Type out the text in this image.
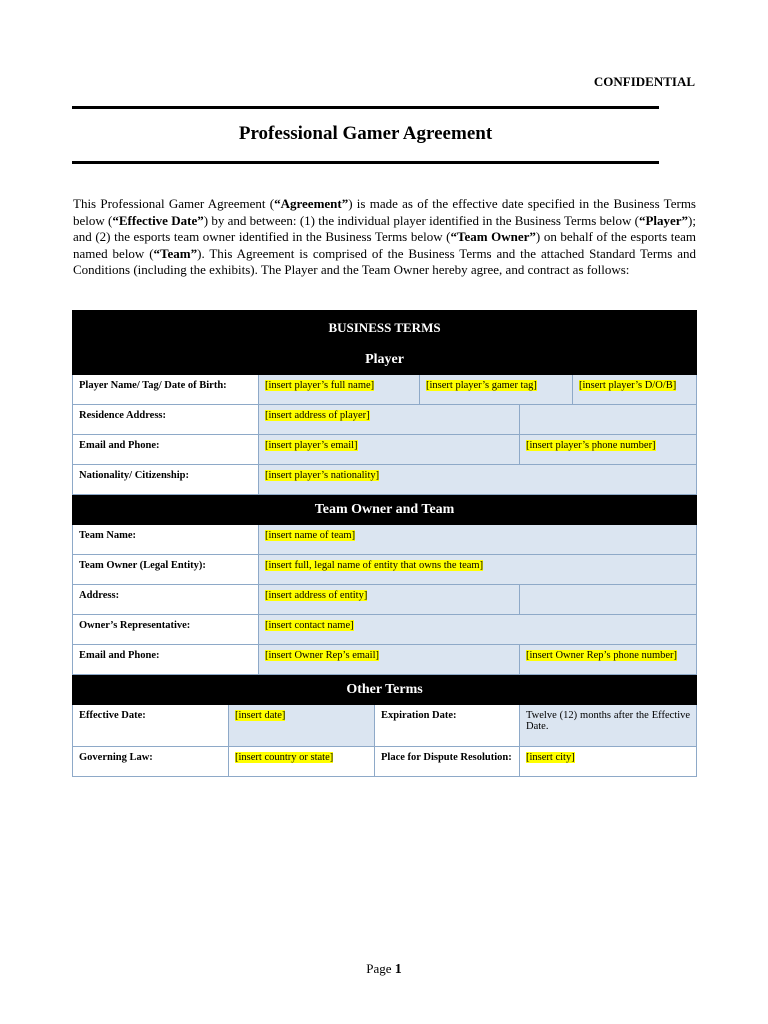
CONFIDENTIAL
Professional Gamer Agreement

This Professional Gamer Agreement (“Agreement”) is made as of the effective date specified in the Business Terms below (“Effective Date”) by and between: (1) the individual player identified in the Business Terms below (“Player”); and (2) the esports team owner identified in the Business Terms below (“Team Owner”) on behalf of the esports team named below (“Team”). This Agreement is comprised of the Business Terms and the attached Standard Terms and Conditions (including the exhibits). The Player and the Team Owner hereby agree, and contract as follows:

BUSINESS TERMS						
Player						
Player Name/ Tag/ Date of Birth:		[insert player’s full name]		[insert player’s gamer tag]		[insert player’s D/O/B]
Residence Address:		[insert address of player]				
Email and Phone:		[insert player’s email]			[insert player’s phone number]	
Nationality/ Citizenship:		[insert player’s nationality]				
Team Owner and Team						
Team Name:		[insert name of team]				
Team Owner (Legal Entity):		[insert full, legal name of entity that owns the team]				
Address:		[insert address of entity]				
Owner’s Representative:		[insert contact name]				
Email and Phone:		[insert Owner Rep’s email]			[insert Owner Rep’s phone number]	
Other Terms						
Effective Date:	[insert date]		Expiration Date:		Twelve (12) months after the Effective Date.	
Governing Law:	[insert country or state]		Place for Dispute Resolution:		[insert city]	
Page 1
